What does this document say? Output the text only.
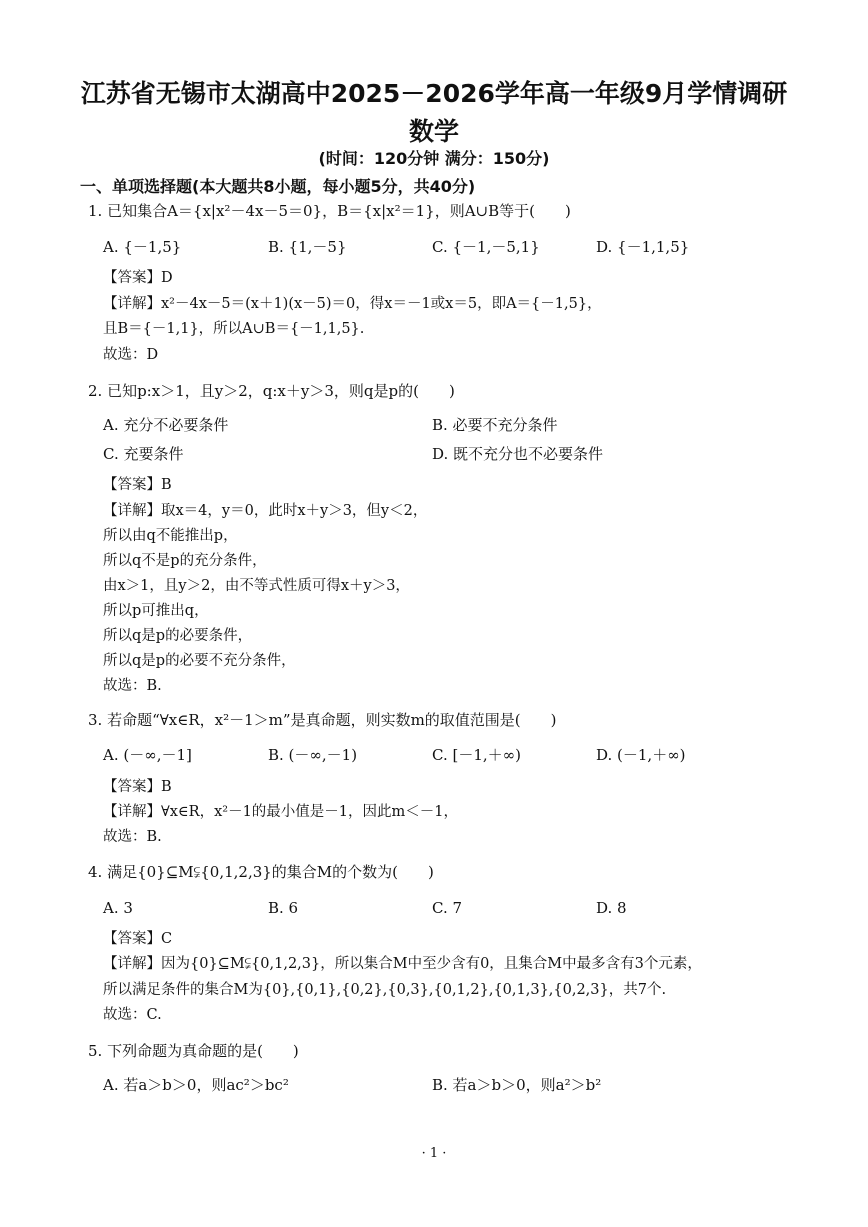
江苏省无锡市太湖高中2025－2026学年高一年级9月学情调研
数学
(时间：120分钟 满分：150分)
一、单项选择题(本大题共8小题，每小题5分，共40分)
1. 已知集合A＝{x|x²－4x－5＝0}，B＝{x|x²＝1}，则A∪B等于(　　)
A. {－1,5}	B. {1,－5}	C. {－1,－5,1}	D. {－1,1,5}
【答案】D
【详解】x²－4x－5＝(x＋1)(x－5)＝0，得x＝－1或x＝5，即A＝{－1,5}，
且B＝{－1,1}，所以A∪B＝{－1,1,5}.
故选：D
2. 已知p:x＞1，且y＞2，q:x＋y＞3，则q是p的(　　)
A. 充分不必要条件	B. 必要不充分条件
C. 充要条件	D. 既不充分也不必要条件
【答案】B
【详解】取x＝4，y＝0，此时x＋y＞3，但y＜2，
所以由q不能推出p，
所以q不是p的充分条件，
由x＞1，且y＞2，由不等式性质可得x＋y＞3，
所以p可推出q，
所以q是p的必要条件，
所以q是p的必要不充分条件，
故选：B.
3. 若命题“∀x∈R，x²－1＞m”是真命题，则实数m的取值范围是(　　)
A. (－∞,－1]	B. (－∞,－1)	C. [－1,＋∞)	D. (－1,＋∞)
【答案】B
【详解】∀x∈R，x²－1的最小值是－1，因此m＜－1，
故选：B.
4. 满足{0}⊆M⫋{0,1,2,3}的集合M的个数为(　　)
A. 3	B. 6	C. 7	D. 8
【答案】C
【详解】因为{0}⊆M⫋{0,1,2,3}，所以集合M中至少含有0，且集合M中最多含有3个元素，
所以满足条件的集合M为{0},{0,1},{0,2},{0,3},{0,1,2},{0,1,3},{0,2,3}，共7个.
故选：C.
5. 下列命题为真命题的是(　　)
A. 若a＞b＞0，则ac²＞bc²	B. 若a＞b＞0，则a²＞b²
· 1 ·
